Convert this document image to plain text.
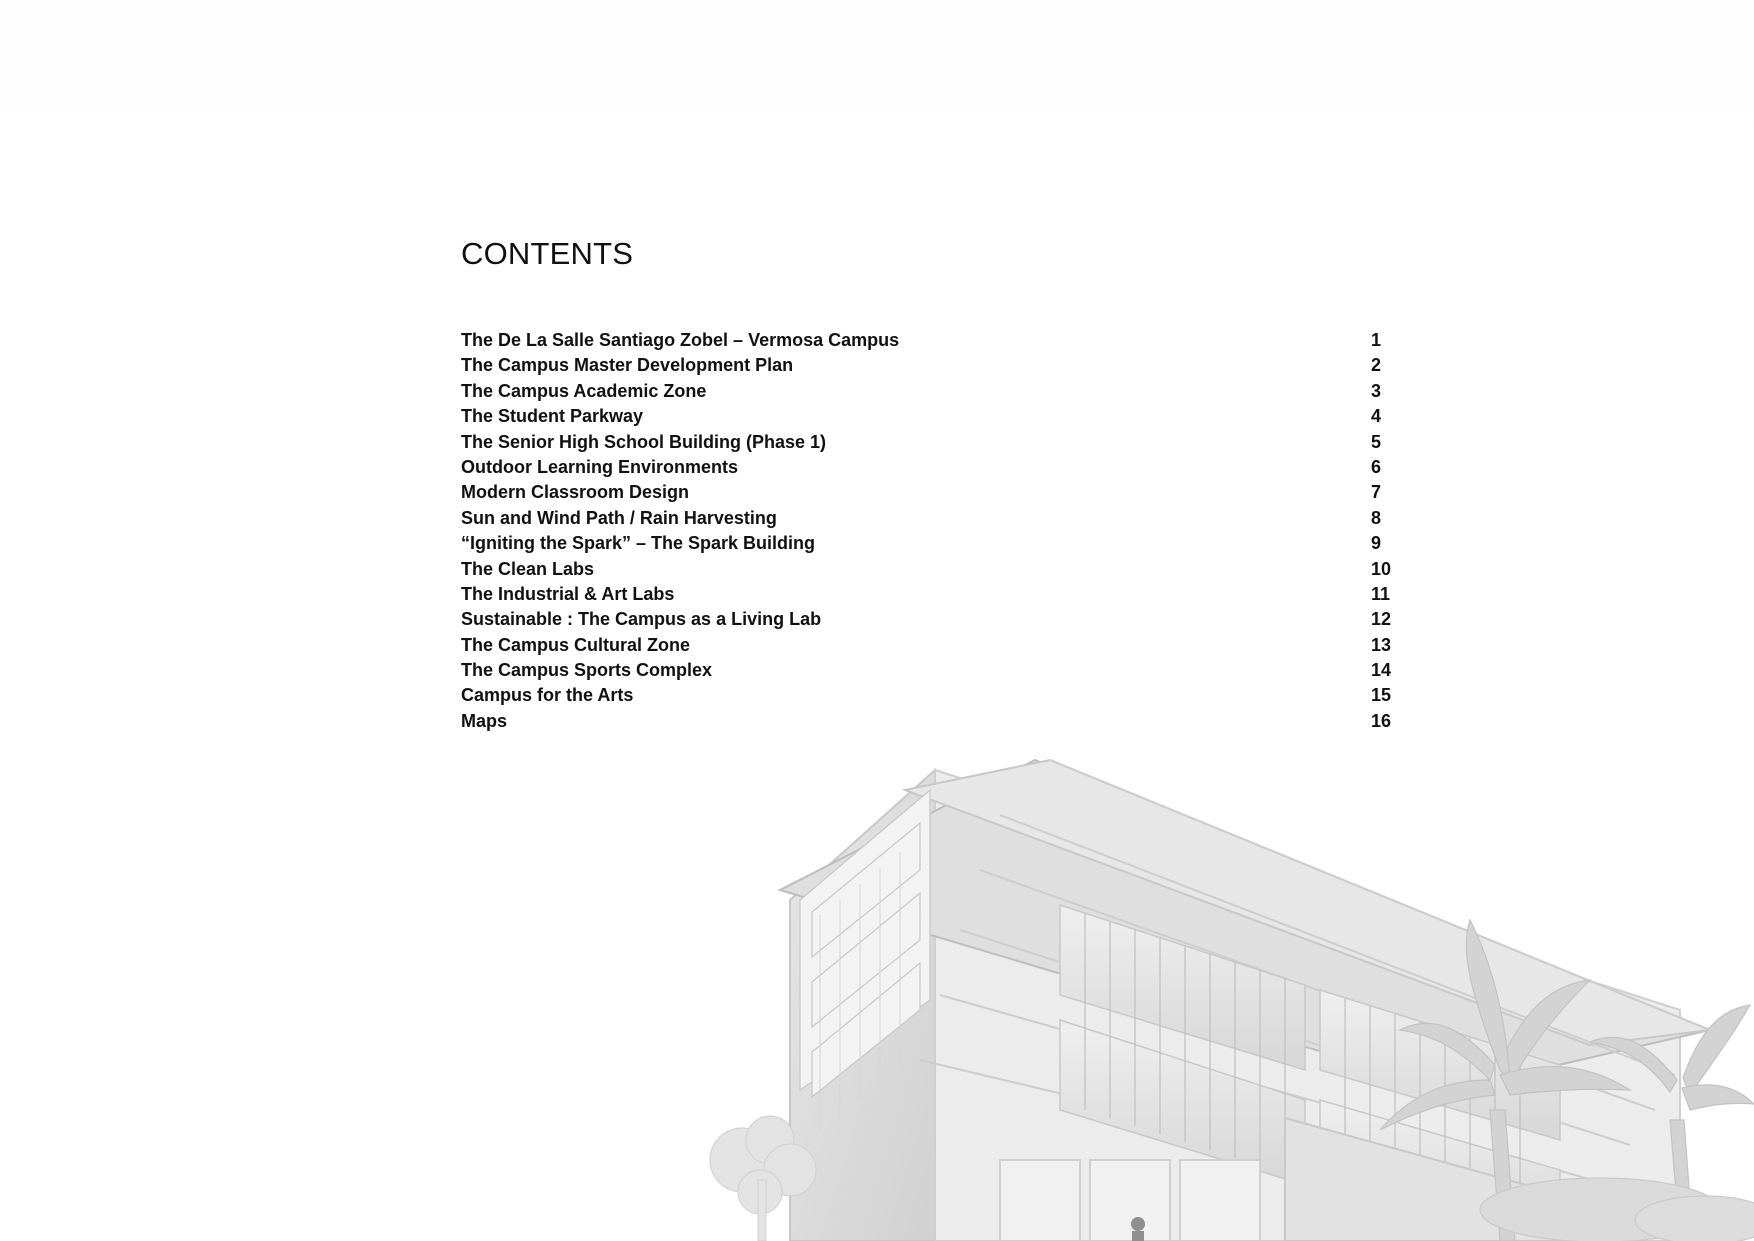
CONTENTS
The De La Salle Santiago Zobel – Vermosa Campus	1
The Campus Master Development Plan	2
The Campus Academic Zone	3
The Student Parkway	4
The Senior High School Building (Phase 1)	5
Outdoor Learning Environments	6
Modern Classroom Design	7
Sun and Wind Path / Rain Harvesting	8
“Igniting the Spark” – The Spark Building	9
The Clean Labs	10
The Industrial & Art Labs	11
Sustainable : The Campus as a Living Lab	12
The Campus Cultural Zone	13
The Campus Sports Complex	14
Campus for the Arts	15
Maps	16
